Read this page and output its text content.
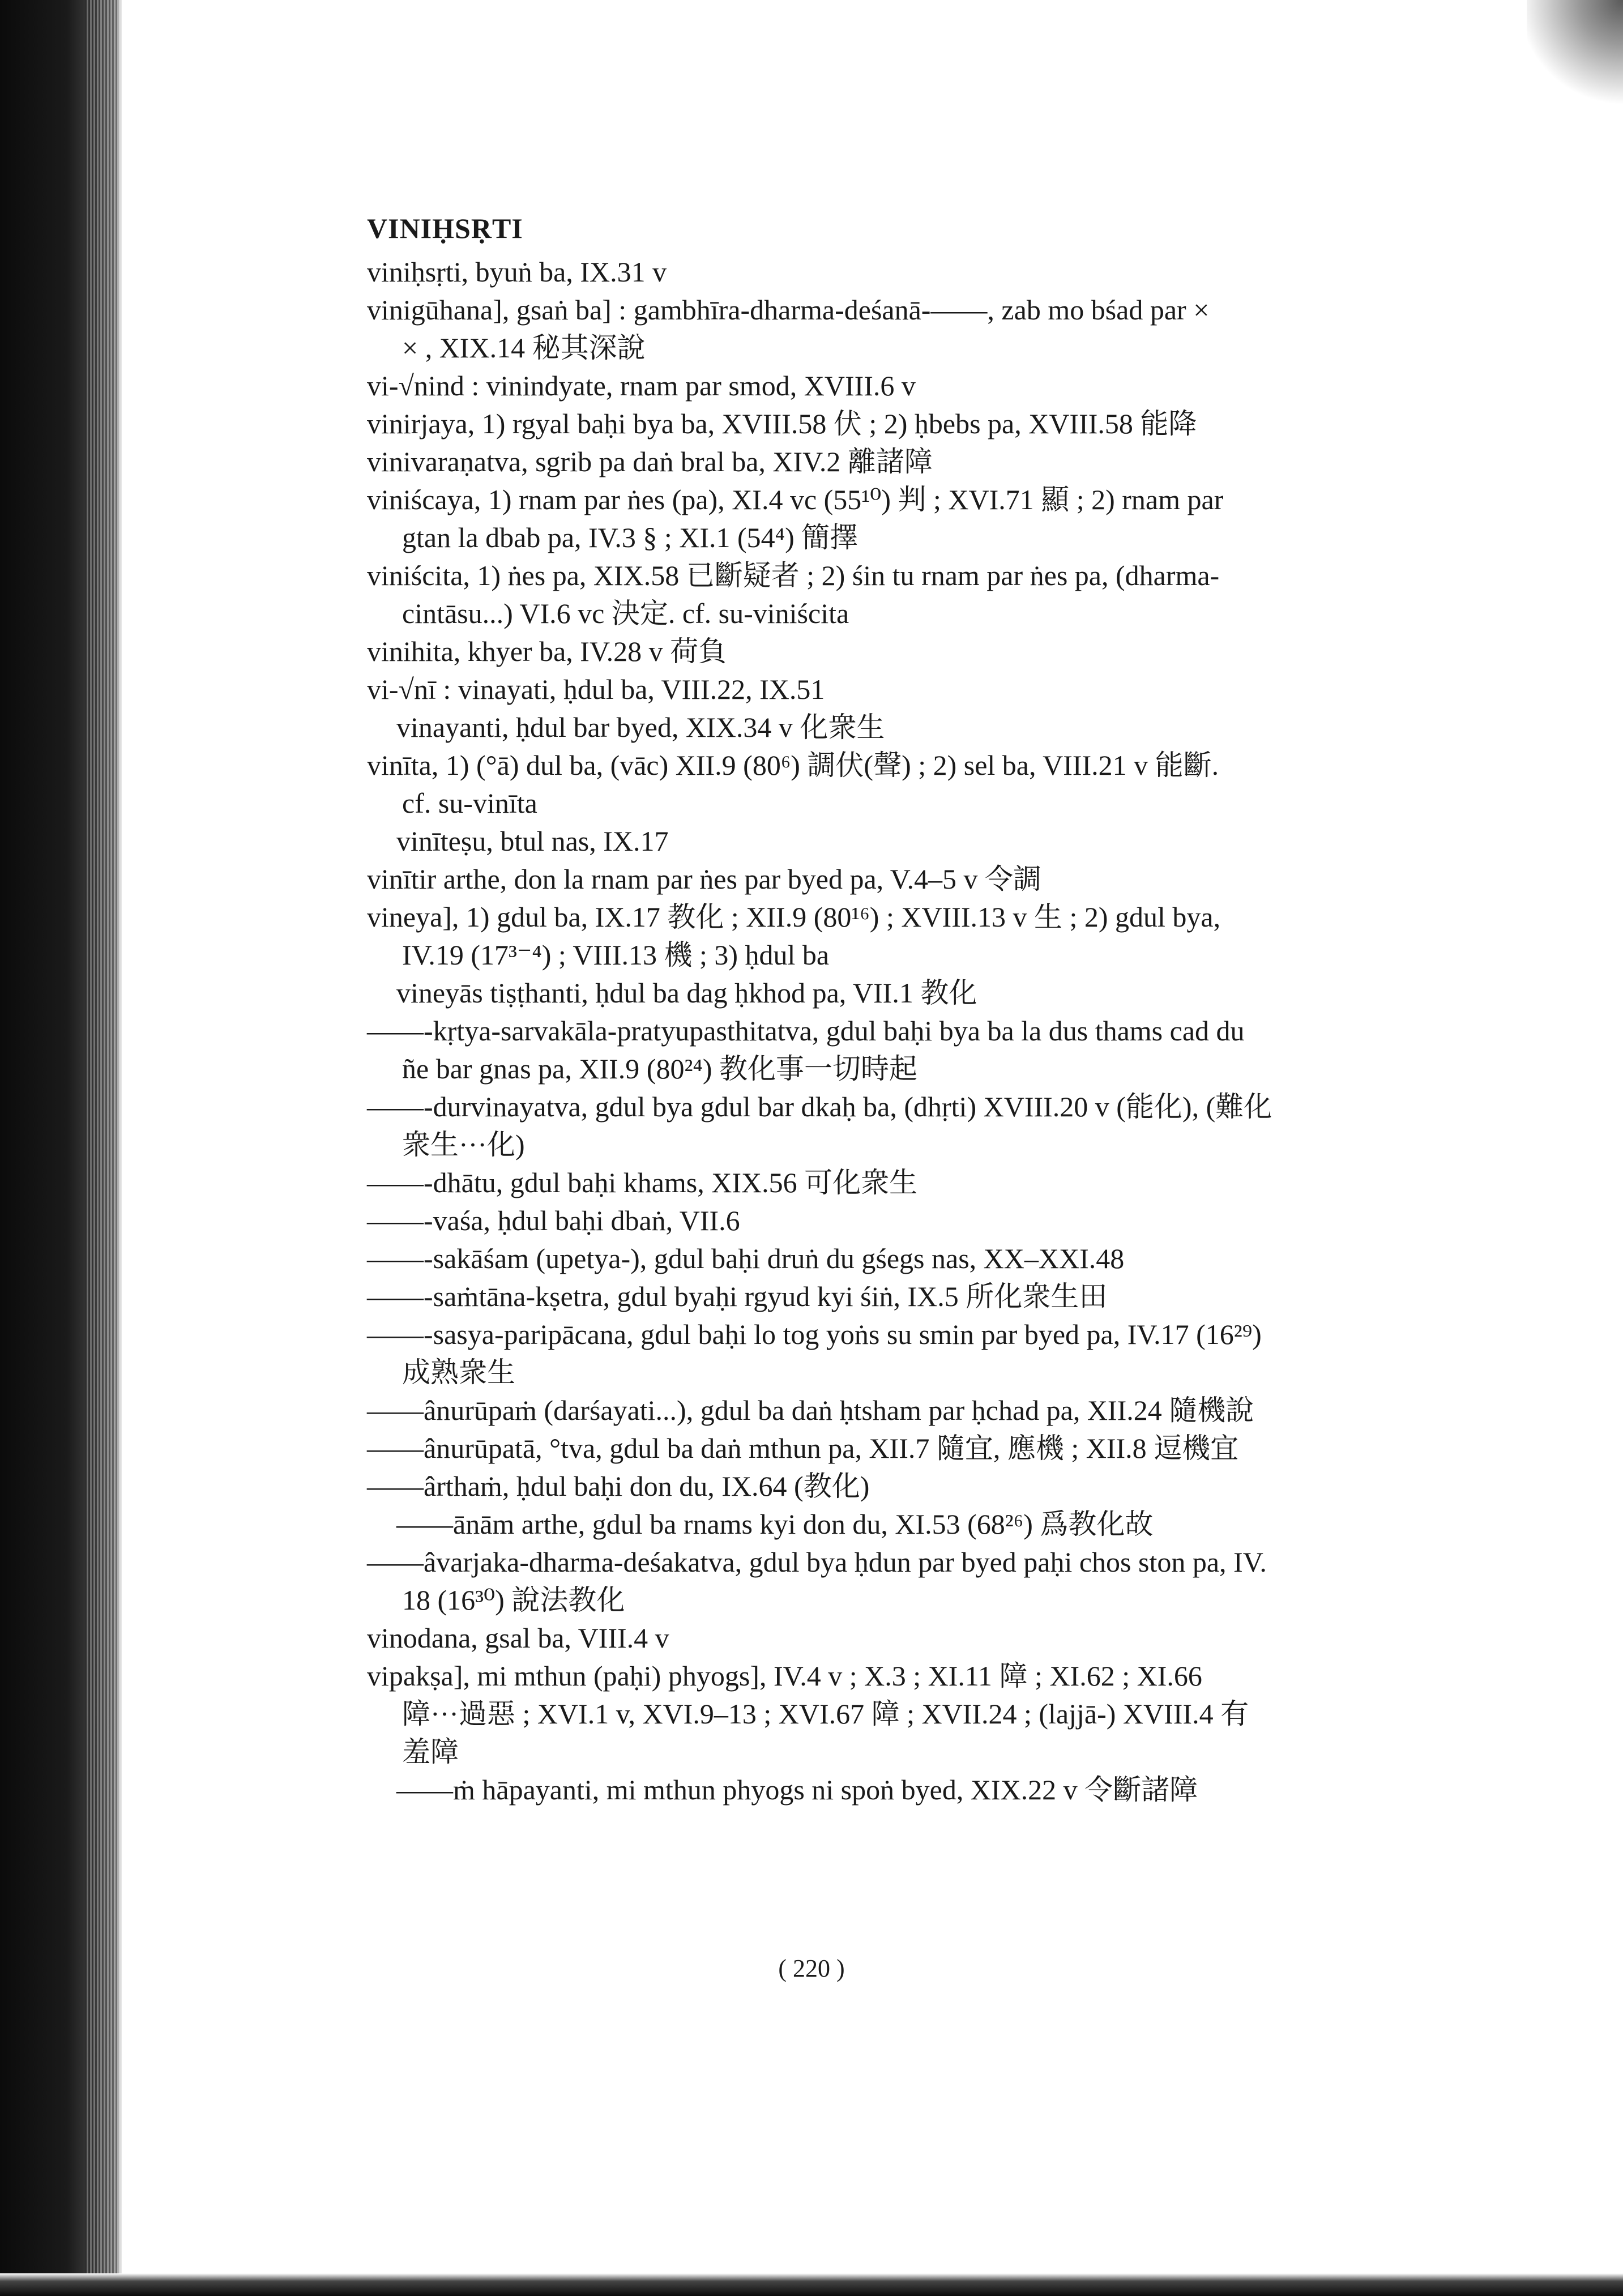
VINIḤSṚTI
viniḥsṛti, byuṅ ba, IX.31 v
vinigūhana], gsaṅ ba] : gambhīra-dharma-deśanā-——, zab mo bśad par ×
× , XIX.14 秘其深說
vi-√nind : vinindyate, rnam par smod, XVIII.6 v
vinirjaya, 1) rgyal baḥi bya ba, XVIII.58 伏 ; 2) ḥbebs pa, XVIII.58 能降
vinivaraṇatva, sgrib pa daṅ bral ba, XIV.2 離諸障
viniścaya, 1) rnam par ṅes (pa), XI.4 vc (55¹⁰) 判 ; XVI.71 顯 ; 2) rnam par
gtan la dbab pa, IV.3 § ; XI.1 (54⁴) 簡擇
viniścita, 1) ṅes pa, XIX.58 已斷疑者 ; 2) śin tu rnam par ṅes pa, (dharma-
cintāsu...) VI.6 vc 決定. cf. su-viniścita
vinihita, khyer ba, IV.28 v 荷負
vi-√nī : vinayati, ḥdul ba, VIII.22, IX.51
vinayanti, ḥdul bar byed, XIX.34 v 化衆生
vinīta, 1) (°ā) dul ba, (vāc) XII.9 (80⁶) 調伏(聲) ; 2) sel ba, VIII.21 v 能斷.
cf. su-vinīta
vinīteṣu, btul nas, IX.17
vinītir arthe, don la rnam par ṅes par byed pa, V.4–5 v 令調
vineya], 1) gdul ba, IX.17 教化 ; XII.9 (80¹⁶) ; XVIII.13 v 生 ; 2) gdul bya,
IV.19 (17³⁻⁴) ; VIII.13 機 ; 3) ḥdul ba
vineyās tiṣṭhanti, ḥdul ba dag ḥkhod pa, VII.1 教化
——-kṛtya-sarvakāla-pratyupasthitatva, gdul baḥi bya ba la dus thams cad du
ñe bar gnas pa, XII.9 (80²⁴) 教化事一切時起
——-durvinayatva, gdul bya gdul bar dkaḥ ba, (dhṛti) XVIII.20 v (能化), (難化
衆生···化)
——-dhātu, gdul baḥi khams, XIX.56 可化衆生
——-vaśa, ḥdul baḥi dbaṅ, VII.6
——-sakāśam (upetya-), gdul baḥi druṅ du gśegs nas, XX–XXI.48
——-saṁtāna-kṣetra, gdul byaḥi rgyud kyi śiṅ, IX.5 所化衆生田
——-sasya-paripācana, gdul baḥi lo tog yoṅs su smin par byed pa, IV.17 (16²⁹)
成熟衆生
——ânurūpaṁ (darśayati...), gdul ba daṅ ḥtsham par ḥchad pa, XII.24 隨機說
——ânurūpatā, °tva, gdul ba daṅ mthun pa, XII.7 隨宜, 應機 ; XII.8 逗機宜
——ârthaṁ, ḥdul baḥi don du, IX.64 (教化)
——ānām arthe, gdul ba rnams kyi don du, XI.53 (68²⁶) 爲教化故
——âvarjaka-dharma-deśakatva, gdul bya ḥdun par byed paḥi chos ston pa, IV.
18 (16³⁰) 說法教化
vinodana, gsal ba, VIII.4 v
vipakṣa], mi mthun (paḥi) phyogs], IV.4 v ; X.3 ; XI.11 障 ; XI.62 ; XI.66
障···過惡 ; XVI.1 v, XVI.9–13 ; XVI.67 障 ; XVII.24 ; (lajjā-) XVIII.4 有
羞障
——ṁ hāpayanti, mi mthun phyogs ni spoṅ byed, XIX.22 v 令斷諸障
( 220 )
